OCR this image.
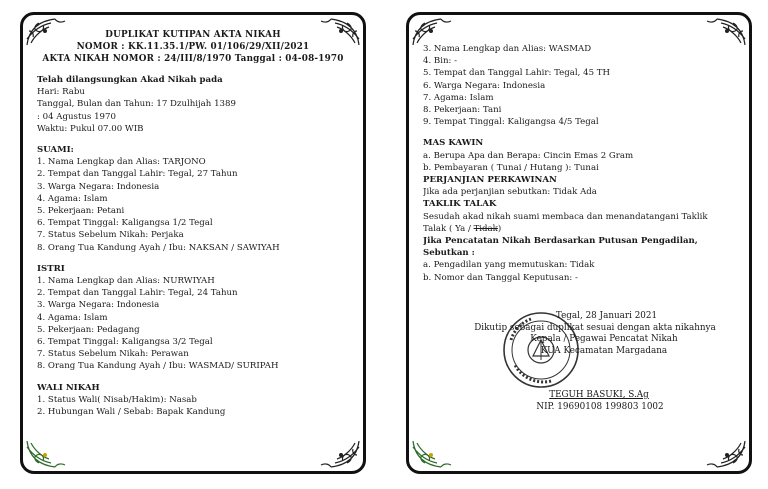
DUPLIKAT KUTIPAN AKTA NIKAH
NOMOR : KK.11.35.1/PW. 01/106/29/XII/2021
AKTA NIKAH NOMOR : 24/III/8/1970 Tanggal : 04-08-1970
Telah dilangsungkan Akad Nikah pada
Hari: Rabu
Tanggal, Bulan dan Tahun: 17 Dzulhijah 1389
: 04 Agustus 1970
Waktu: Pukul 07.00 WIB
SUAMI:
1. Nama Lengkap dan Alias: TARJONO
2. Tempat dan Tanggal Lahir: Tegal, 27 Tahun
3. Warga Negara: Indonesia
4. Agama: Islam
5. Pekerjaan: Petani
6. Tempat Tinggal: Kaligangsa 1/2 Tegal
7. Status Sebelum Nikah: Perjaka
8. Orang Tua Kandung Ayah / Ibu: NAKSAN / SAWIYAH
ISTRI
1. Nama Lengkap dan Alias: NURWIYAH
2. Tempat dan Tanggal Lahir: Tegal, 24 Tahun
3. Warga Negara: Indonesia
4. Agama: Islam
5. Pekerjaan: Pedagang
6. Tempat Tinggal: Kaligangsa 3/2 Tegal
7. Status Sebelum Nikah: Perawan
8. Orang Tua Kandung Ayah / Ibu: WASMAD/ SURIPAH
WALI NIKAH
1. Status Wali( Nisab/Hakim): Nasab
2. Hubungan Wali / Sebab: Bapak Kandung
3. Nama Lengkap dan Alias: WASMAD
4. Bin: -
5. Tempat dan Tanggal Lahir: Tegal, 45 TH
6. Warga Negara: Indonesia
7. Agama: Islam
8. Pekerjaan: Tani
9. Tempat Tinggal: Kaligangsa 4/5 Tegal
MAS KAWIN
a. Berupa Apa dan Berapa: Cincin Emas 2 Gram
b. Pembayaran ( Tunai / Hutang ): Tunai
PERJANJIAN PERKAWINAN
Jika ada perjanjian sebutkan: Tidak Ada
TAKLIK TALAK
Sesudah akad nikah suami membaca dan menandatangani Taklik
Talak ( Ya / Tidak)
Jika Pencatatan Nikah Berdasarkan Putusan Pengadilan,
Sebutkan :
a. Pengadilan yang memutuskan: Tidak
b. Nomor dan Tanggal Keputusan: -
Tegal, 28 Januari 2021
Dikutip sebagai duplikat sesuai dengan akta nikahnya
Kepala / Pegawai Pencatat Nikah
KUA Kecamatan Margadana
TEGUH BASUKI, S.Ag
NIP. 19690108 199803 1002
